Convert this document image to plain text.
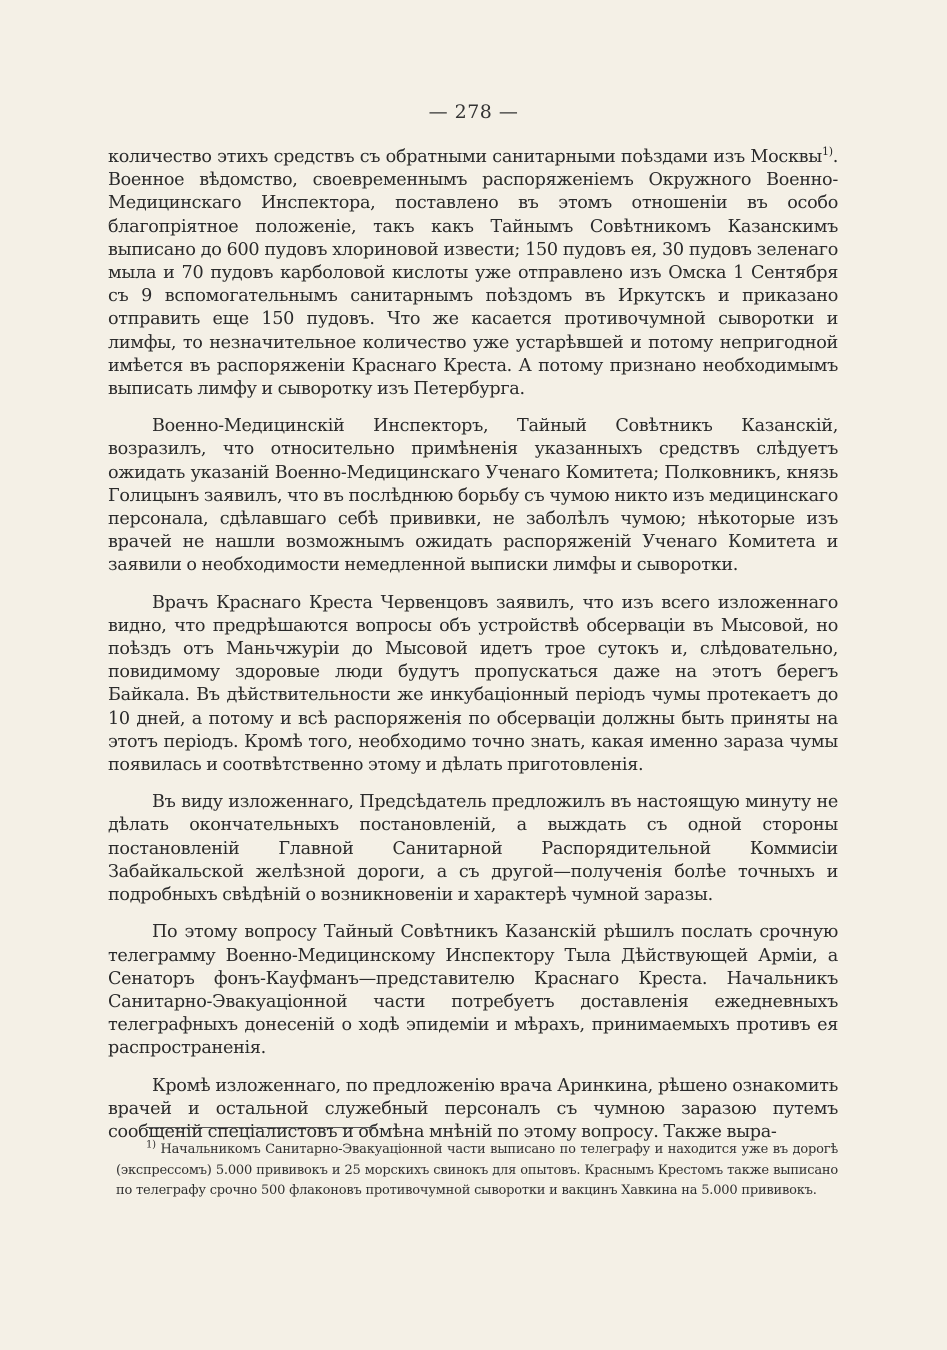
— 278 —

количество этихъ средствъ съ обратными санитарными поѣздами изъ Москвы$^{1)}$. Военное вѣдомство, своевременнымъ распоряженіемъ Окружного Военно-Медицинскаго Инспектора, поставлено въ этомъ отношеніи въ особо благопріятное положеніе, такъ какъ Тайнымъ Совѣтникомъ Казанскимъ выписано до 600 пудовъ хлориновой извести; 150 пудовъ ея, 30 пудовъ зеленаго мыла и 70 пудовъ карболовой кислоты уже отправлено изъ Омска 1 Сентября съ 9 вспомогательнымъ санитарнымъ поѣздомъ въ Иркутскъ и приказано отправить еще 150 пудовъ. Что же касается противочумной сыворотки и лимфы, то незначительное количество уже устарѣвшей и потому непригодной имѣется въ распоряженіи Краснаго Креста. А потому признано необходимымъ выписать лимфу и сыворотку изъ Петербурга.

Военно-Медицинскій Инспекторъ, Тайный Совѣтникъ Казанскій, возразилъ, что относительно примѣненія указанныхъ средствъ слѣдуетъ ожидать указаній Военно-Медицинскаго Ученаго Комитета; Полковникъ, князь Голицынъ заявилъ, что въ послѣднюю борьбу съ чумою никто изъ медицинскаго персонала, сдѣлавшаго себѣ прививки, не заболѣлъ чумою; нѣкоторые изъ врачей не нашли возможнымъ ожидать распоряженій Ученаго Комитета и заявили о необходимости немедленной выписки лимфы и сыворотки.

Врачъ Краснаго Креста Червенцовъ заявилъ, что изъ всего изложеннаго видно, что предрѣшаются вопросы объ устройствѣ обсерваціи въ Мысовой, но поѣздъ отъ Маньчжуріи до Мысовой идетъ трое сутокъ и, слѣдовательно, повидимому здоровые люди будутъ пропускаться даже на этотъ берегъ Байкала. Въ дѣйствительности же инкубаціонный періодъ чумы протекаетъ до 10 дней, а потому и всѣ распоряженія по обсерваціи должны быть приняты на этотъ періодъ. Кромѣ того, необходимо точно знать, какая именно зараза чумы появилась и соотвѣтственно этому и дѣлать приготовленія.

Въ виду изложеннаго, Предсѣдатель предложилъ въ настоящую минуту не дѣлать окончательныхъ постановленій, а выждать съ одной стороны постановленій Главной Санитарной Распорядительной Коммисіи Забайкальской желѣзной дороги, а съ другой—полученія болѣе точныхъ и подробныхъ свѣдѣній о возникновеніи и характерѣ чумной заразы.

По этому вопросу Тайный Совѣтникъ Казанскій рѣшилъ послать срочную телеграмму Военно-Медицинскому Инспектору Тыла Дѣйствующей Арміи, а Сенаторъ фонъ-Кауфманъ—представителю Краснаго Креста. Начальникъ Санитарно-Эвакуаціонной части потребуетъ доставленія ежедневныхъ телеграфныхъ донесеній о ходѣ эпидеміи и мѣрахъ, принимаемыхъ противъ ея распространенія.

Кромѣ изложеннаго, по предложенію врача Аринкина, рѣшено ознакомить врачей и остальной служебный персоналъ съ чумною заразою путемъ сообщеній спеціалистовъ и обмѣна мнѣній по этому вопросу. Также выра-

$^{1)}$ Начальникомъ Санитарно-Эвакуаціонной части выписано по телеграфу и находится уже въ дорогѣ (экспрессомъ) 5.000 прививокъ и 25 морскихъ свинокъ для опытовъ. Краснымъ Крестомъ также выписано по телеграфу срочно 500 флаконовъ противочумной сыворотки и вакцинъ Хавкина на 5.000 прививокъ.
